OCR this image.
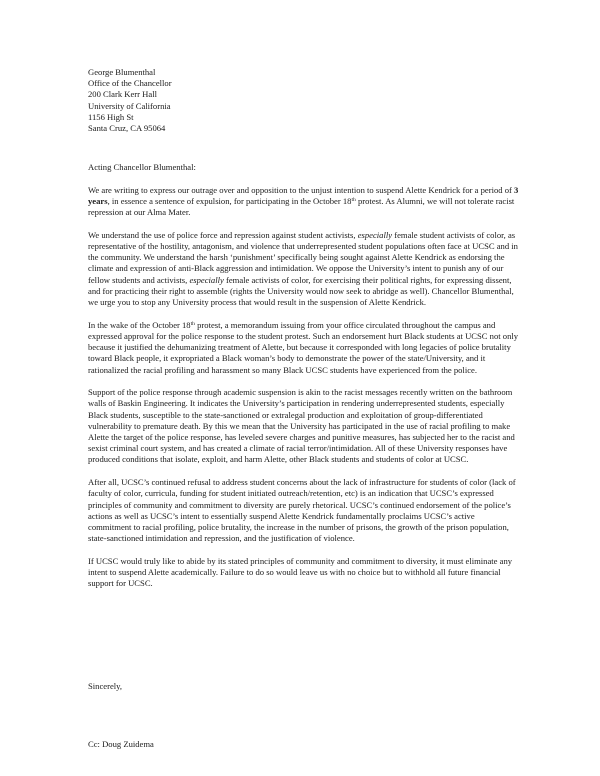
George Blumenthal
Office of the Chancellor
200 Clark Kerr Hall
University of California
1156 High St
Santa Cruz, CA 95064
Acting Chancellor Blumenthal:

We are writing to express our outrage over and opposition to the unjust intention to suspend Alette Kendrick for a period of 3 years, in essence a sentence of expulsion, for participating in the October 18th protest. As Alumni, we will not tolerate racist repression at our Alma Mater.

We understand the use of police force and repression against student activists, especially female student activists of color, as representative of the hostility, antagonism, and violence that underrepresented student populations often face at UCSC and in the community. We understand the harsh ‘punishment’ specifically being sought against Alette Kendrick as endorsing the climate and expression of anti-Black aggression and intimidation. We oppose the University’s intent to punish any of our fellow students and activists, especially female activists of color, for exercising their political rights, for expressing dissent, and for practicing their right to assemble (rights the University would now seek to abridge as well). Chancellor Blumenthal, we urge you to stop any University process that would result in the suspension of Alette Kendrick.

In the wake of the October 18th protest, a memorandum issuing from your office circulated throughout the campus and expressed approval for the police response to the student protest. Such an endorsement hurt Black students at UCSC not only because it justified the dehumanizing treatment of Alette, but because it corresponded with long legacies of police brutality toward Black people, it expropriated a Black woman’s body to demonstrate the power of the state/University, and it rationalized the racial profiling and harassment so many Black UCSC students have experienced from the police.

Support of the police response through academic suspension is akin to the racist messages recently written on the bathroom walls of Baskin Engineering. It indicates the University’s participation in rendering underrepresented students, especially Black students, susceptible to the state-sanctioned or extralegal production and exploitation of group-differentiated vulnerability to premature death. By this we mean that the University has participated in the use of racial profiling to make Alette the target of the police response, has leveled severe charges and punitive measures, has subjected her to the racist and sexist criminal court system, and has created a climate of racial terror/intimidation. All of these University responses have produced conditions that isolate, exploit, and harm Alette, other Black students and students of color at UCSC.

After all, UCSC’s continued refusal to address student concerns about the lack of infrastructure for students of color (lack of faculty of color, curricula, funding for student initiated outreach/retention, etc) is an indication that UCSC’s expressed principles of community and commitment to diversity are purely rhetorical. UCSC’s continued endorsement of the police’s actions as well as UCSC’s intent to essentially suspend Alette Kendrick fundamentally proclaims UCSC’s active commitment to racial profiling, police brutality, the increase in the number of prisons, the growth of the prison population, state-sanctioned intimidation and repression, and the justification of violence.

If UCSC would truly like to abide by its stated principles of community and commitment to diversity, it must eliminate any intent to suspend Alette academically. Failure to do so would leave us with no choice but to withhold all future financial support for UCSC.

Sincerely,
Cc: Doug Zuidema
